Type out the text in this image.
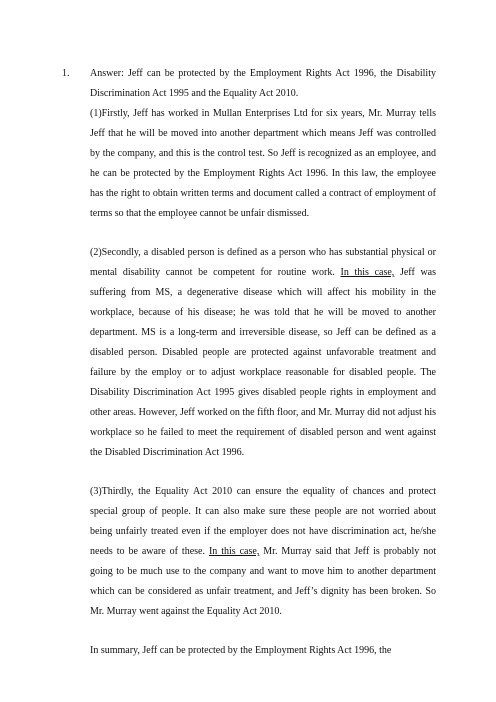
1. Answer: Jeff can be protected by the Employment Rights Act 1996, the Disability Discrimination Act 1995 and the Equality Act 2010.

(1)Firstly, Jeff has worked in Mullan Enterprises Ltd for six years, Mr. Murray tells Jeff that he will be moved into another department which means Jeff was controlled by the company, and this is the control test. So Jeff is recognized as an employee, and he can be protected by the Employment Rights Act 1996. In this law, the employee has the right to obtain written terms and document called a contract of employment of terms so that the employee cannot be unfair dismissed.

(2)Secondly, a disabled person is defined as a person who has substantial physical or mental disability cannot be competent for routine work. In this case, Jeff was suffering from MS, a degenerative disease which will affect his mobility in the workplace, because of his disease; he was told that he will be moved to another department. MS is a long-term and irreversible disease, so Jeff can be defined as a disabled person. Disabled people are protected against unfavorable treatment and failure by the employ or to adjust workplace reasonable for disabled people. The Disability Discrimination Act 1995 gives disabled people rights in employment and other areas. However, Jeff worked on the fifth floor, and Mr. Murray did not adjust his workplace so he failed to meet the requirement of disabled person and went against the Disabled Discrimination Act 1996.

(3)Thirdly, the Equality Act 2010 can ensure the equality of chances and protect special group of people. It can also make sure these people are not worried about being unfairly treated even if the employer does not have discrimination act, he/she needs to be aware of these. In this case, Mr. Murray said that Jeff is probably not going to be much use to the company and want to move him to another department which can be considered as unfair treatment, and Jeff’s dignity has been broken. So Mr. Murray went against the Equality Act 2010.

In summary, Jeff can be protected by the Employment Rights Act 1996, the
